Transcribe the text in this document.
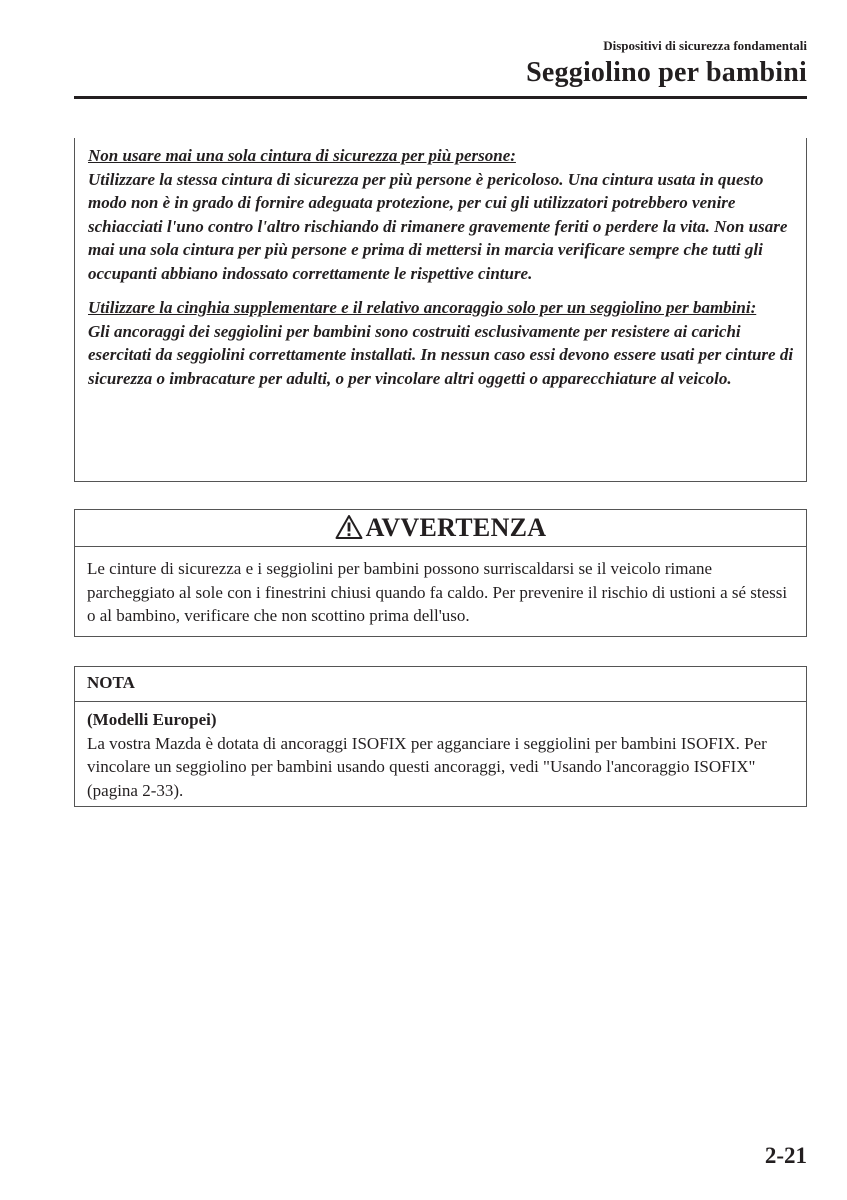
Dispositivi di sicurezza fondamentali
Seggiolino per bambini

Non usare mai una sola cintura di sicurezza per più persone:

Utilizzare la stessa cintura di sicurezza per più persone è pericoloso. Una cintura usata in questo modo non è in grado di fornire adeguata protezione, per cui gli utilizzatori potrebbero venire schiacciati l'uno contro l'altro rischiando di rimanere gravemente feriti o perdere la vita. Non usare mai una sola cintura per più persone e prima di mettersi in marcia verificare sempre che tutti gli occupanti abbiano indossato correttamente le rispettive cinture.

Utilizzare la cinghia supplementare e il relativo ancoraggio solo per un seggiolino per bambini:

Gli ancoraggi dei seggiolini per bambini sono costruiti esclusivamente per resistere ai carichi esercitati da seggiolini correttamente installati. In nessun caso essi devono essere usati per cinture di sicurezza o imbracature per adulti, o per vincolare altri oggetti o apparecchiature al veicolo.

AVVERTENZA

Le cinture di sicurezza e i seggiolini per bambini possono surriscaldarsi se il veicolo rimane parcheggiato al sole con i finestrini chiusi quando fa caldo. Per prevenire il rischio di ustioni a sé stessi o al bambino, verificare che non scottino prima dell'uso.

NOTA

(Modelli Europei)

La vostra Mazda è dotata di ancoraggi ISOFIX per agganciare i seggiolini per bambini ISOFIX. Per vincolare un seggiolino per bambini usando questi ancoraggi, vedi "Usando l'ancoraggio ISOFIX" (pagina 2-33).

2-21
